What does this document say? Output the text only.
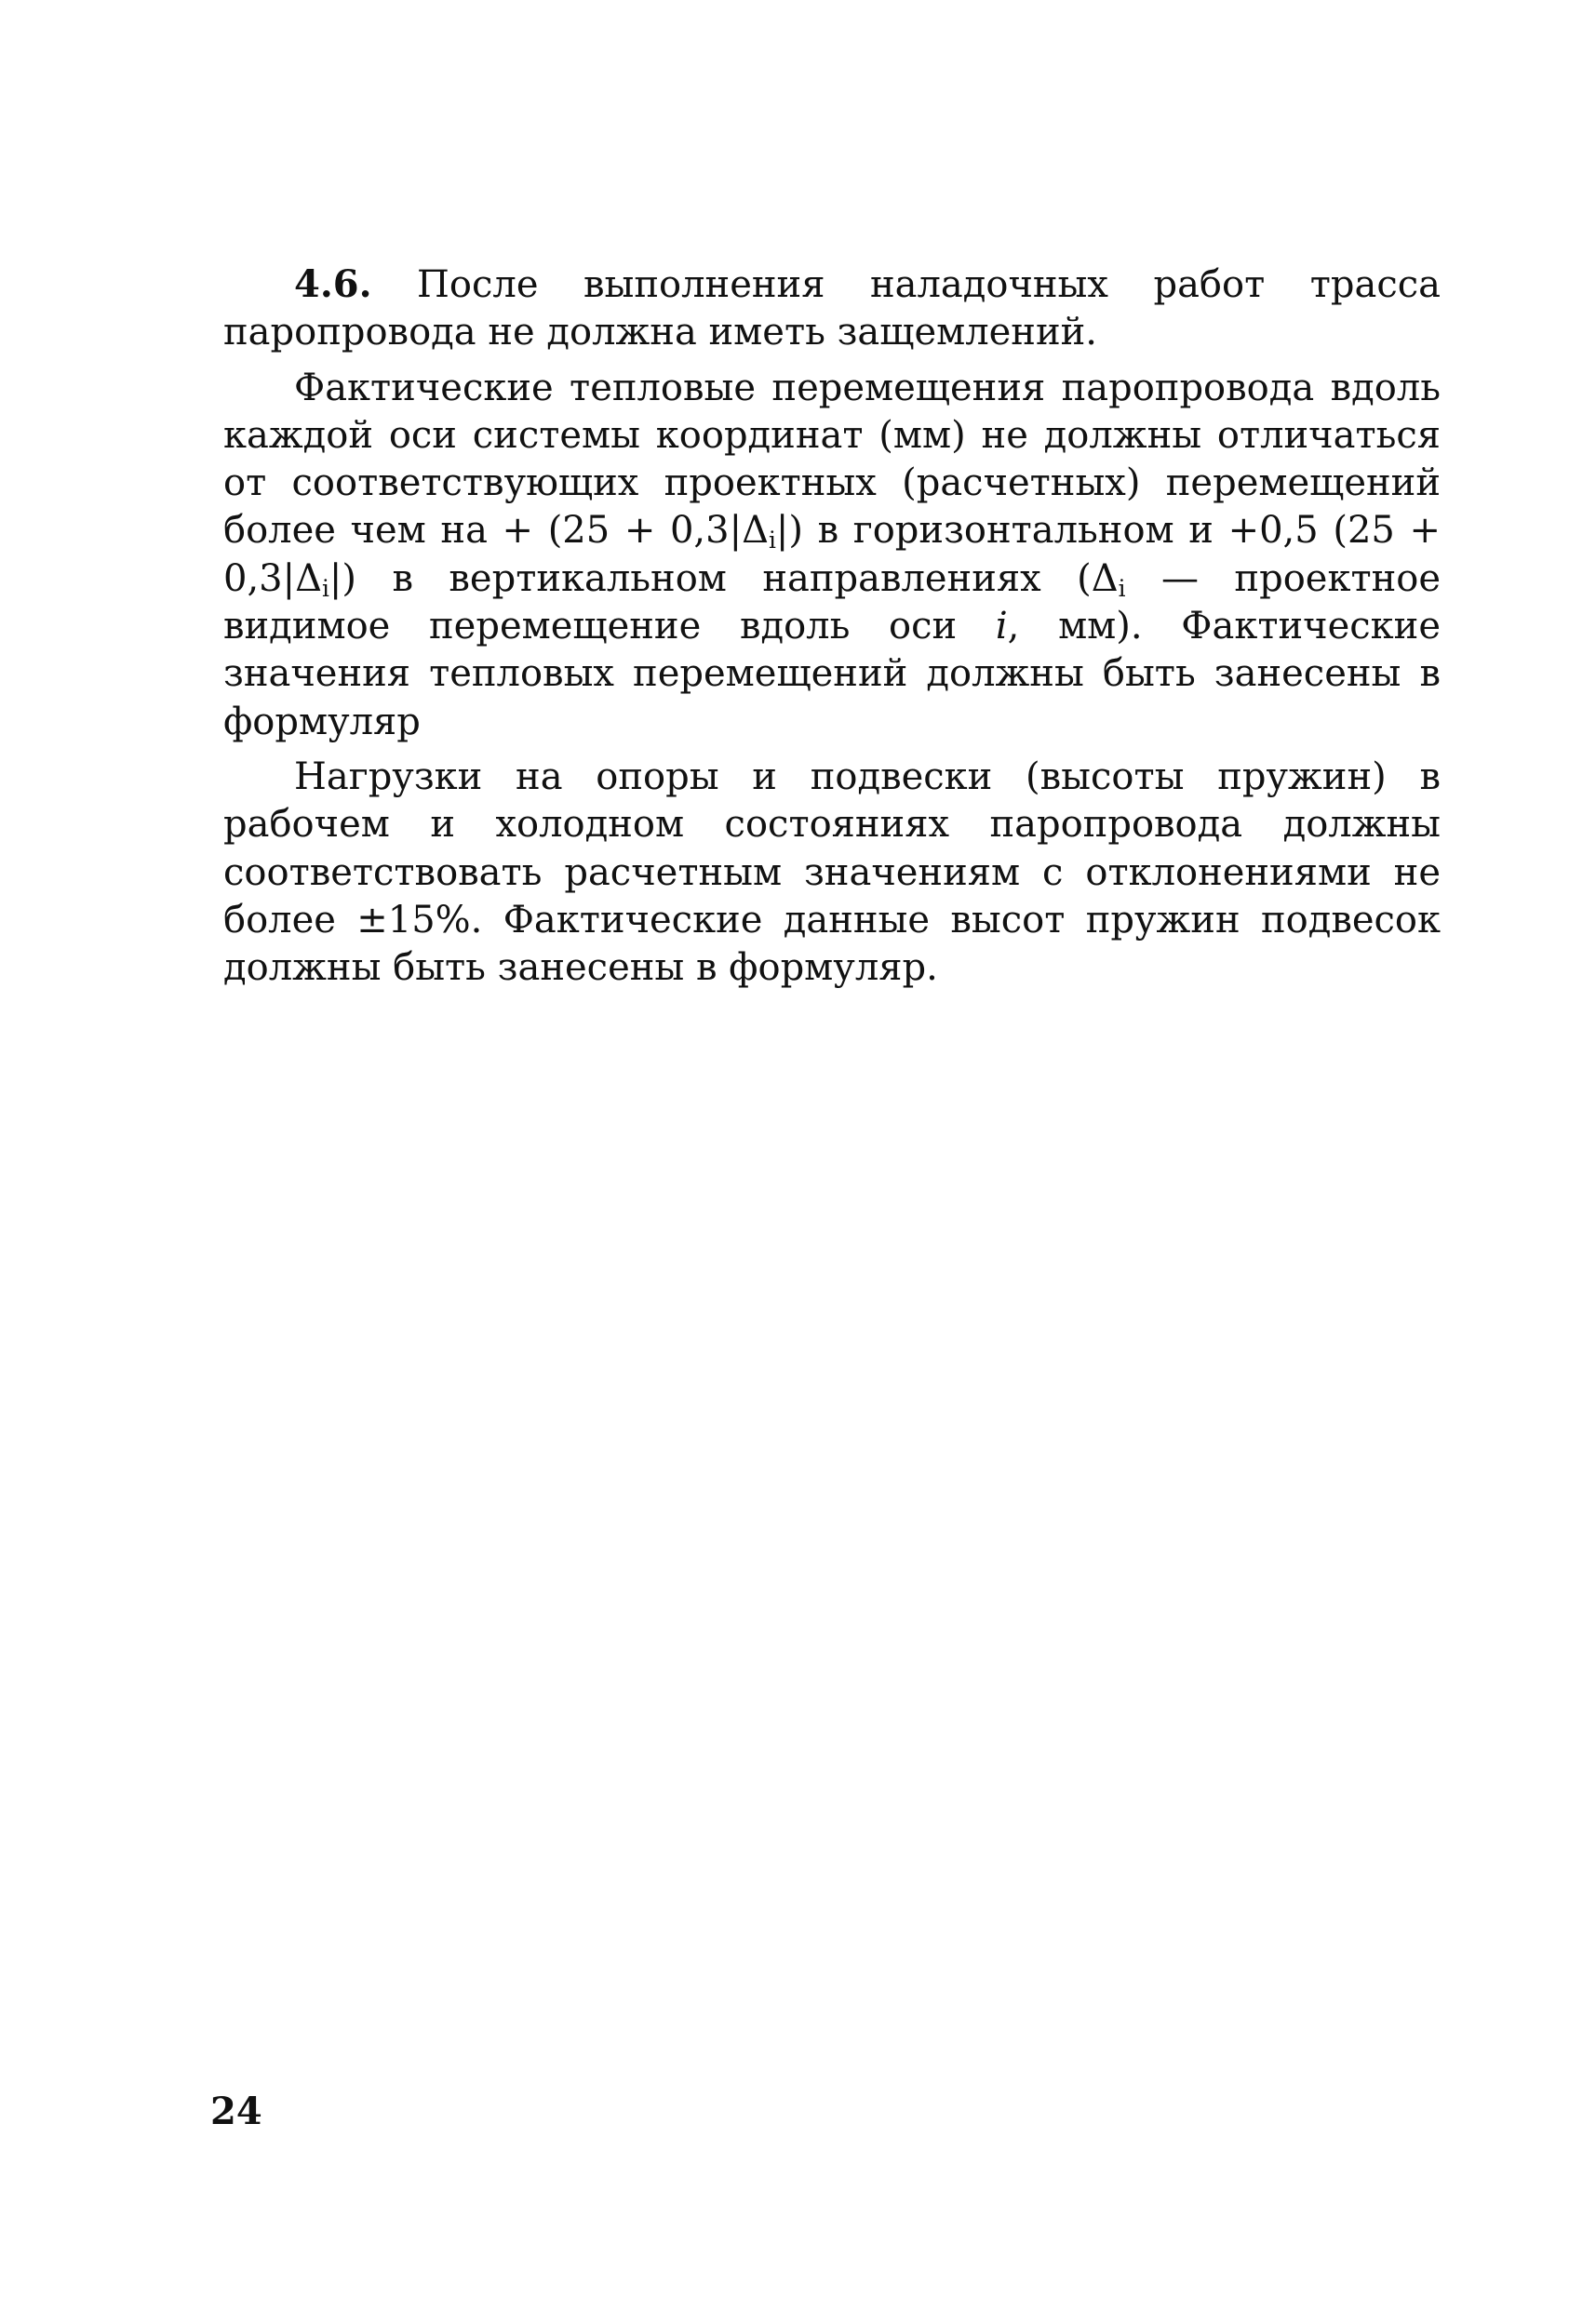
4.6. После выполнения наладочных работ трасса паропровода не должна иметь защемлений.

Фактические тепловые перемещения паропровода вдоль каждой оси системы координат (мм) не должны отличаться от соответствующих проектных (расчетных) перемещений более чем на + $(25 + 0,3|\Delta_i|)$ в горизонтальном и +0,5 $(25 + 0,3|\Delta_i|)$ в вертикальном направлениях ($\Delta_i$ — проектное видимое перемещение вдоль оси i, мм). Фактические значения тепловых перемещений должны быть занесены в формуляр

Нагрузки на опоры и подвески (высоты пружин) в рабочем и холодном состояниях паропровода должны соответствовать расчетным значениям с отклонениями не более ±15%. Фактические данные высот пружин подвесок должны быть занесены в формуляр.

24
